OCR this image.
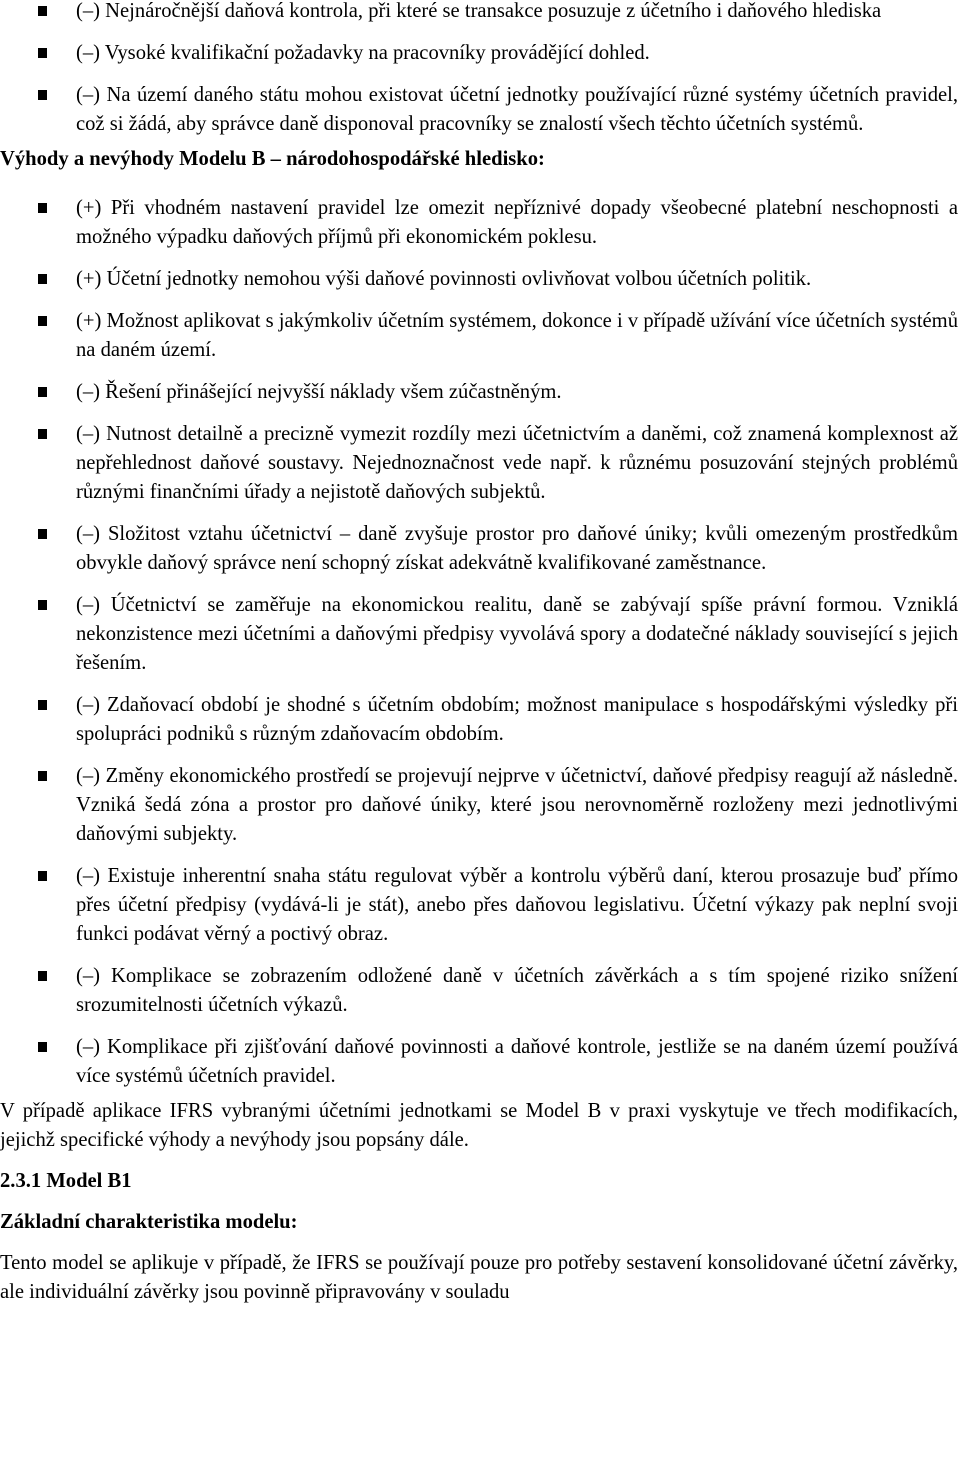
(–) Nejnáročnější daňová kontrola, při které se transakce posuzuje z účetního i daňového hlediska
(–) Vysoké kvalifikační požadavky na pracovníky provádějící dohled.
(–) Na území daného státu mohou existovat účetní jednotky používající různé systémy účetních pravidel, což si žádá, aby správce daně disponoval pracovníky se znalostí všech těchto účetních systémů.

Výhody a nevýhody Modelu B – národohospodářské hledisko:

(+) Při vhodném nastavení pravidel lze omezit nepříznivé dopady všeobecné platební neschopnosti a možného výpadku daňových příjmů při ekonomickém poklesu.
(+) Účetní jednotky nemohou výši daňové povinnosti ovlivňovat volbou účetních politik.
(+) Možnost aplikovat s jakýmkoliv účetním systémem, dokonce i v případě užívání více účetních systémů na daném území.
(–) Řešení přinášející nejvyšší náklady všem zúčastněným.
(–) Nutnost detailně a precizně vymezit rozdíly mezi účetnictvím a daněmi, což znamená komplexnost až nepřehlednost daňové soustavy. Nejednoznačnost vede např. k různému posuzování stejných problémů různými finančními úřady a nejistotě daňových subjektů.
(–) Složitost vztahu účetnictví – daně zvyšuje prostor pro daňové úniky; kvůli omezeným prostředkům obvykle daňový správce není schopný získat adekvátně kvalifikované zaměstnance.
(–) Účetnictví se zaměřuje na ekonomickou realitu, daně se zabývají spíše právní formou. Vzniklá nekonzistence mezi účetními a daňovými předpisy vyvolává spory a dodatečné náklady související s jejich řešením.
(–) Zdaňovací období je shodné s účetním obdobím; možnost manipulace s hospodářskými výsledky při spolupráci podniků s různým zdaňovacím obdobím.
(–) Změny ekonomického prostředí se projevují nejprve v účetnictví, daňové předpisy reagují až následně. Vzniká šedá zóna a prostor pro daňové úniky, které jsou nerovnoměrně rozloženy mezi jednotlivými daňovými subjekty.
(–) Existuje inherentní snaha státu regulovat výběr a kontrolu výběrů daní, kterou prosazuje buď přímo přes účetní předpisy (vydává-li je stát), anebo přes daňovou legislativu. Účetní výkazy pak neplní svoji funkci podávat věrný a poctivý obraz.
(–) Komplikace se zobrazením odložené daně v účetních závěrkách a s tím spojené riziko snížení srozumitelnosti účetních výkazů.
(–) Komplikace při zjišťování daňové povinnosti a daňové kontrole, jestliže se na daném území používá více systémů účetních pravidel.

V případě aplikace IFRS vybranými účetními jednotkami se Model B v praxi vyskytuje ve třech modifikacích, jejichž specifické výhody a nevýhody jsou popsány dále.

2.3.1 Model B1

Základní charakteristika modelu:

Tento model se aplikuje v případě, že IFRS se používají pouze pro potřeby sestavení konsolidované účetní závěrky, ale individuální závěrky jsou povinně připravovány v souladu
